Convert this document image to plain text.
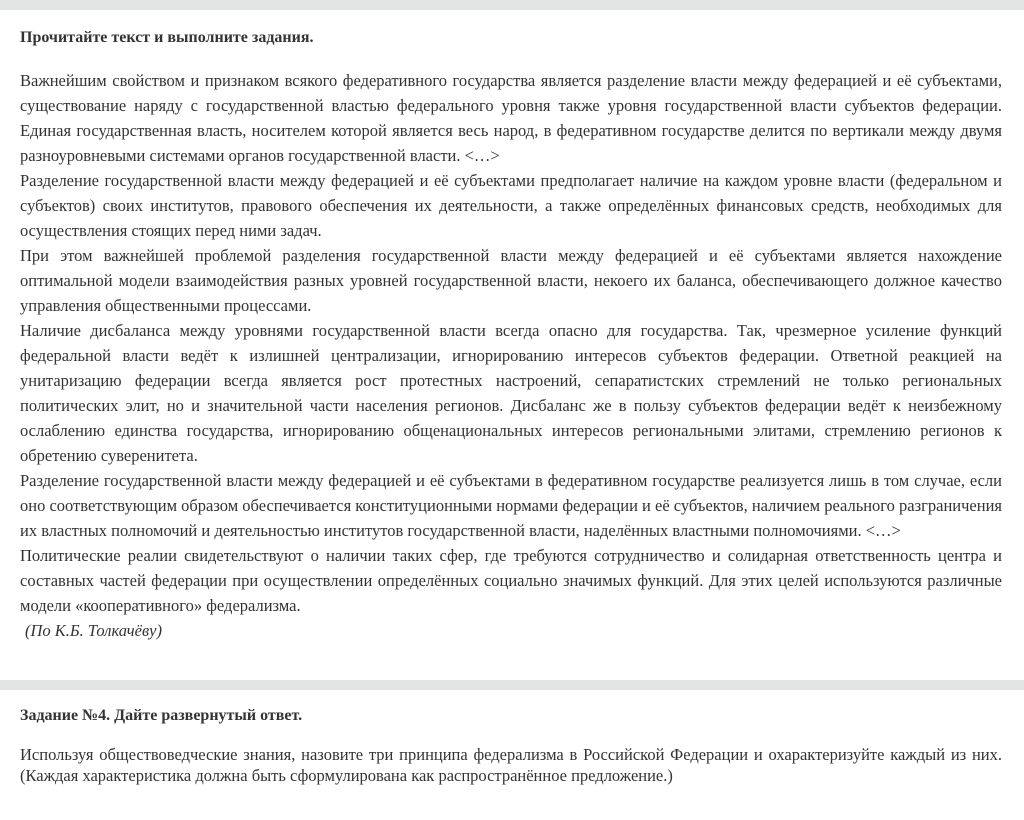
Прочитайте текст и выполните задания.

Важнейшим свойством и признаком всякого федеративного государства является разделение власти между федерацией и её субъектами, существование наряду с государственной властью федерального уровня также уровня государственной власти субъектов федерации. Единая государственная власть, носителем которой является весь народ, в федеративном государстве делится по вертикали между двумя разноуровневыми системами органов государственной власти. <…>

Разделение государственной власти между федерацией и её субъектами предполагает наличие на каждом уровне власти (федеральном и субъектов) своих институтов, правового обеспечения их деятельности, а также определённых финансовых средств, необходимых для осуществления стоящих перед ними задач.

При этом важнейшей проблемой разделения государственной власти между федерацией и её субъектами является нахождение оптимальной модели взаимодействия разных уровней государственной власти, некоего их баланса, обеспечивающего должное качество управления общественными процессами.

Наличие дисбаланса между уровнями государственной власти всегда опасно для государства. Так, чрезмерное усиление функций федеральной власти ведёт к излишней централизации, игнорированию интересов субъектов федерации. Ответной реакцией на унитаризацию федерации всегда является рост протестных настроений, сепаратистских стремлений не только региональных политических элит, но и значительной части населения регионов. Дисбаланс же в пользу субъектов федерации ведёт к неизбежному ослаблению единства государства, игнорированию общенациональных интересов региональными элитами, стремлению регионов к обретению суверенитета.

Разделение государственной власти между федерацией и её субъектами в федеративном государстве реализуется лишь в том случае, если оно соответствующим образом обеспечивается конституционными нормами федерации и её субъектов, наличием реального разграничения их властных полномочий и деятельностью институтов государственной власти, наделённых властными полномочиями. <…>

Политические реалии свидетельствуют о наличии таких сфер, где требуются сотрудничество и солидарная ответственность центра и составных частей федерации при осуществлении определённых социально значимых функций. Для этих целей используются различные модели «кооперативного» федерализма.

(По К.Б. Толкачёву)

Задание №4. Дайте развернутый ответ.

Используя обществоведческие знания, назовите три принципа федерализма в Российской Федерации и охарактеризуйте каждый из них. (Каждая характеристика должна быть сформулирована как распространённое предложение.)
